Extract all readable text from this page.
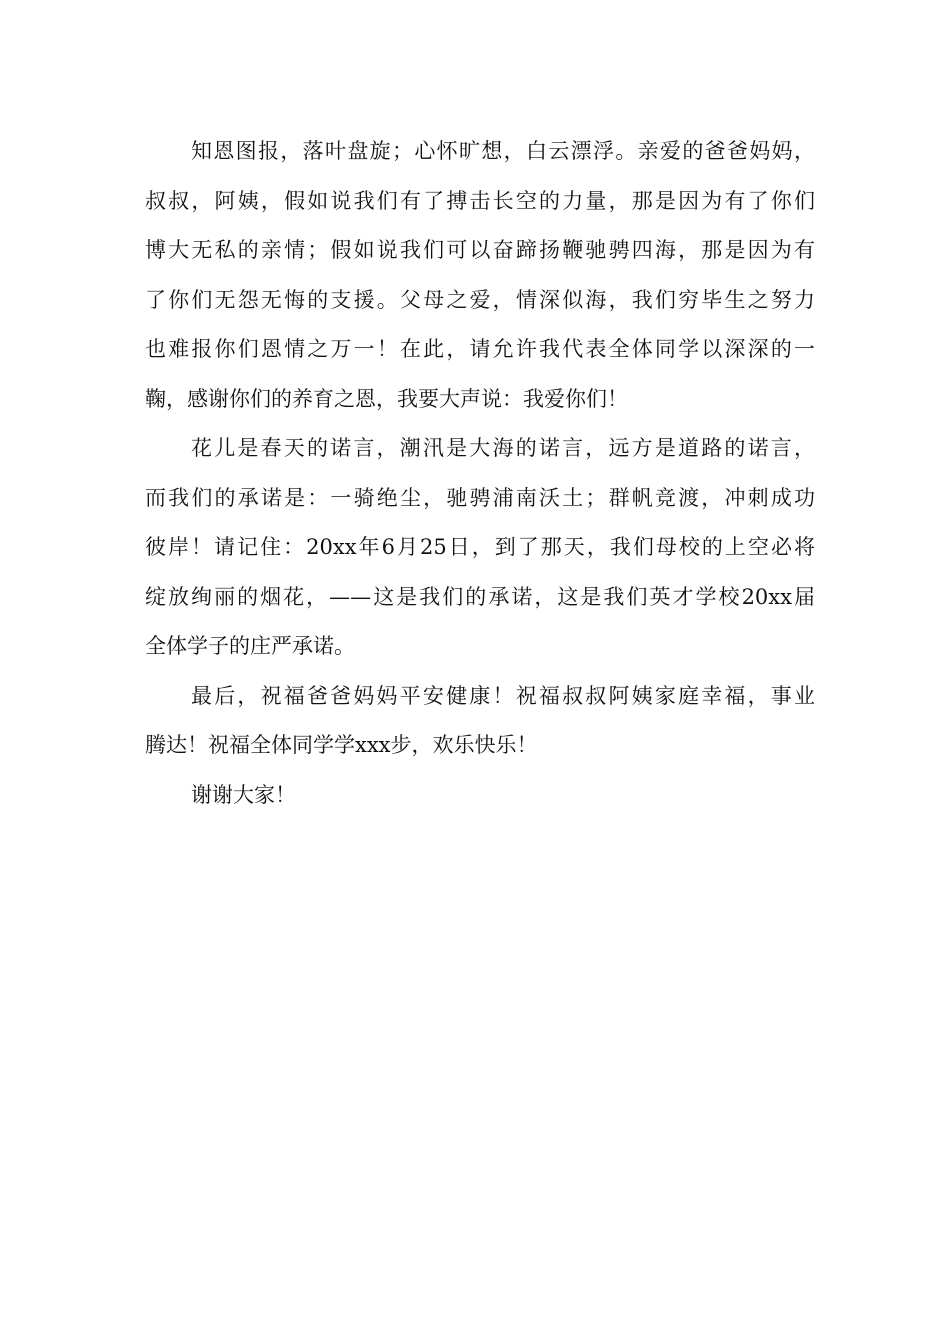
知恩图报，落叶盘旋；心怀旷想，白云漂浮。亲爱的爸爸妈妈，
叔叔，阿姨，假如说我们有了搏击长空的力量，那是因为有了你们
博大无私的亲情；假如说我们可以奋蹄扬鞭驰骋四海，那是因为有
了你们无怨无悔的支援。父母之爱，情深似海，我们穷毕生之努力
也难报你们恩情之万一！在此，请允许我代表全体同学以深深的一
鞠，感谢你们的养育之恩，我要大声说：我爱你们！
花儿是春天的诺言，潮汛是大海的诺言，远方是道路的诺言，
而我们的承诺是：一骑绝尘，驰骋浦南沃土；群帆竞渡，冲刺成功
彼岸！请记住：20xx年6月25日，到了那天，我们母校的上空必将
绽放绚丽的烟花，——这是我们的承诺，这是我们英才学校20xx届
全体学子的庄严承诺。
最后，祝福爸爸妈妈平安健康！祝福叔叔阿姨家庭幸福，事业
腾达！祝福全体同学学xxx步，欢乐快乐！
谢谢大家！
